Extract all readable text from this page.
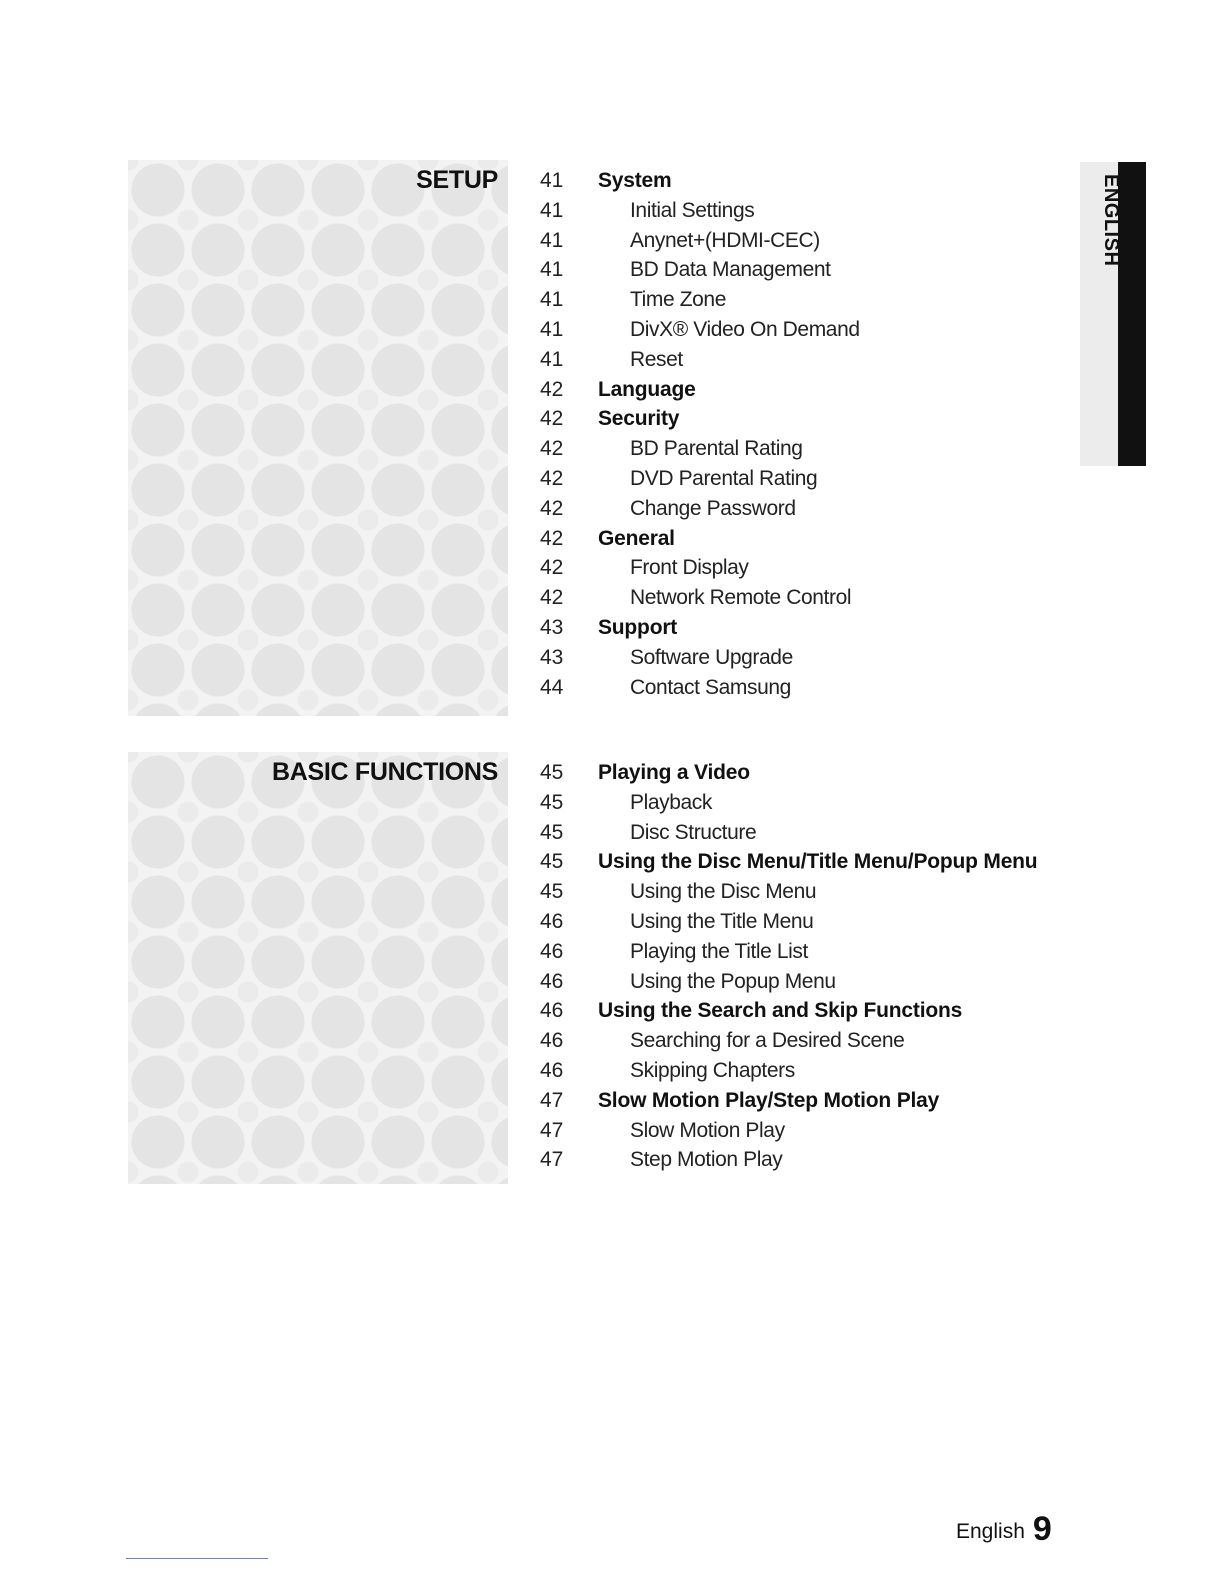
SETUP 41 System
41	Initial Settings
41	Anynet+(HDMI-CEC)
41	BD Data Management
41	Time Zone
41	DivX® Video On Demand
41	Reset
42 Language
42 Security
42	BD Parental Rating
42	DVD Parental Rating
42	Change Password
42 General
42	Front Display
42	Network Remote Control
43 Support
43	Software Upgrade
44	Contact Samsung
BASIC FUNCTIONS 45 Playing a Video
45	Playback
45	Disc Structure
45 Using the Disc Menu/Title Menu/Popup Menu
45	Using the Disc Menu
46	Using the Title Menu
46	Playing the Title List
46	Using the Popup Menu
46 Using the Search and Skip Functions
46	Searching for a Desired Scene
46	Skipping Chapters
47 Slow Motion Play/Step Motion Play
47	Slow Motion Play
47	Step Motion Play
ENGLISH
English 9
